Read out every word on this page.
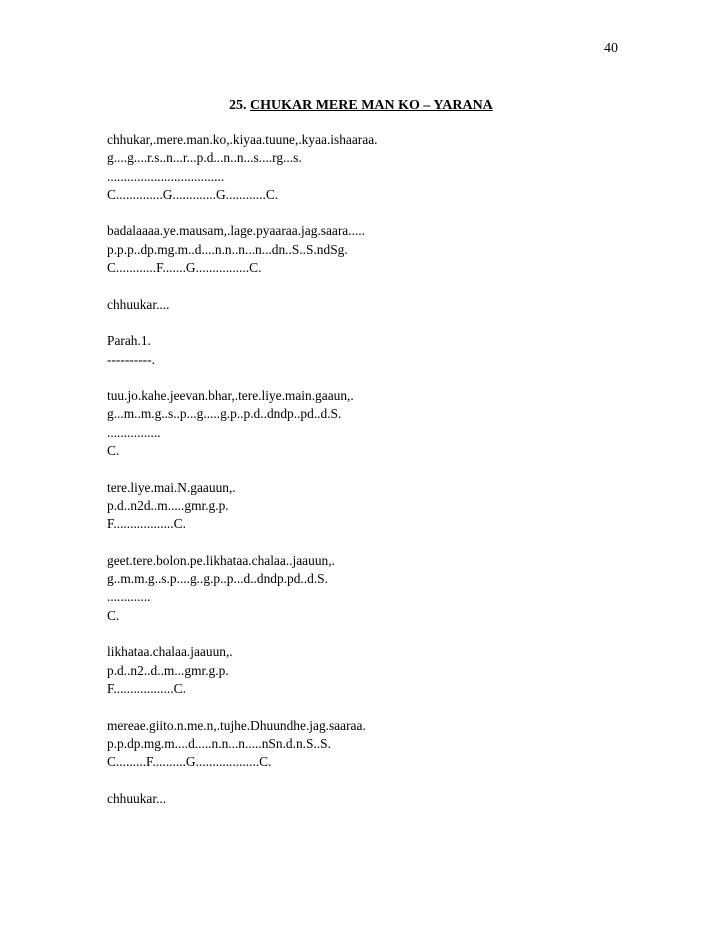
40
25. CHUKAR MERE MAN KO – YARANA
chhukar,.mere.man.ko,.kiyaa.tuune,.kyaa.ishaaraa.
g....g....r.s..n...r...p.d...n..n...s....rg...s.
...................................
C..............G.............G............C.
badalaaaa.ye.mausam,.lage.pyaaraa.jag.saara.....
p.p.p..dp.mg.m..d....n.n..n...n...dn..S..S.ndSg.
C............F.......G................C.
chhuukar....
Parah.1.
----------.
tuu.jo.kahe.jeevan.bhar,.tere.liye.main.gaaun,.
g...m..m.g..s..p...g.....g.p..p.d..dndp..pd..d.S.
................
C.
tere.liye.mai.N.gaauun,.
p.d..n2d..m.....gmr.g.p.
F..................C.
geet.tere.bolon.pe.likhataa.chalaa..jaauun,.
g..m.m.g..s.p....g..g.p..p...d..dndp.pd..d.S.
.............
C.
likhataa.chalaa.jaauun,.
p.d..n2..d..m...gmr.g.p.
F..................C.
mereae.giito.n.me.n,.tujhe.Dhuundhe.jag.saaraa.
p.p.dp.mg.m....d.....n.n...n.....nSn.d.n.S..S.
C.........F..........G...................C.
chhuukar...
